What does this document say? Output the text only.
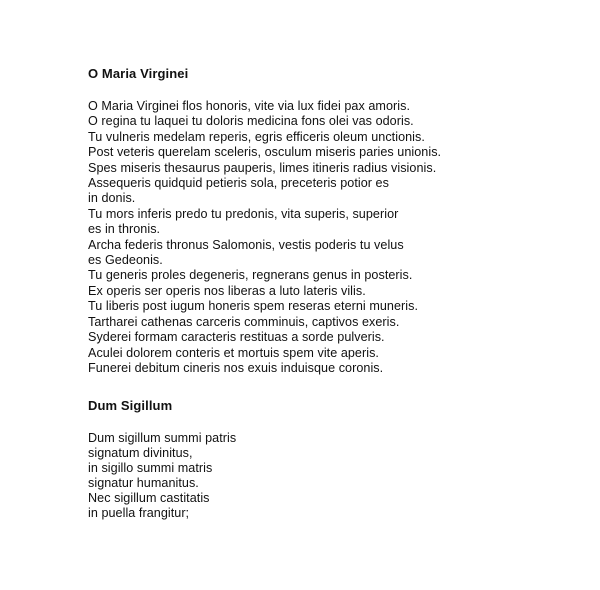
O Maria Virginei
O Maria Virginei flos honoris, vite via lux fidei pax amoris.
O regina tu laquei tu doloris medicina fons olei vas odoris.
Tu vulneris medelam reperis, egris efficeris oleum unctionis.
Post veteris querelam sceleris, osculum miseris paries unionis.
Spes miseris thesaurus pauperis, limes itineris radius visionis.
Assequeris quidquid petieris sola, preceteris potior es
in donis.
Tu mors inferis predo tu predonis, vita superis, superior
es in thronis.
Archa federis thronus Salomonis, vestis poderis tu velus
es Gedeonis.
Tu generis proles degeneris, regnerans genus in posteris.
Ex operis ser operis nos liberas a luto lateris vilis.
Tu liberis post iugum honeris spem reseras eterni muneris.
Tartharei cathenas carceris comminuis, captivos exeris.
Syderei formam caracteris restituas a sorde pulveris.
Aculei dolorem conteris et mortuis spem vite aperis.
Funerei debitum cineris nos exuis induisque coronis.
Dum Sigillum
Dum sigillum summi patris
signatum divinitus,
in sigillo summi matris
signatur humanitus.
Nec sigillum castitatis
in puella frangitur;
